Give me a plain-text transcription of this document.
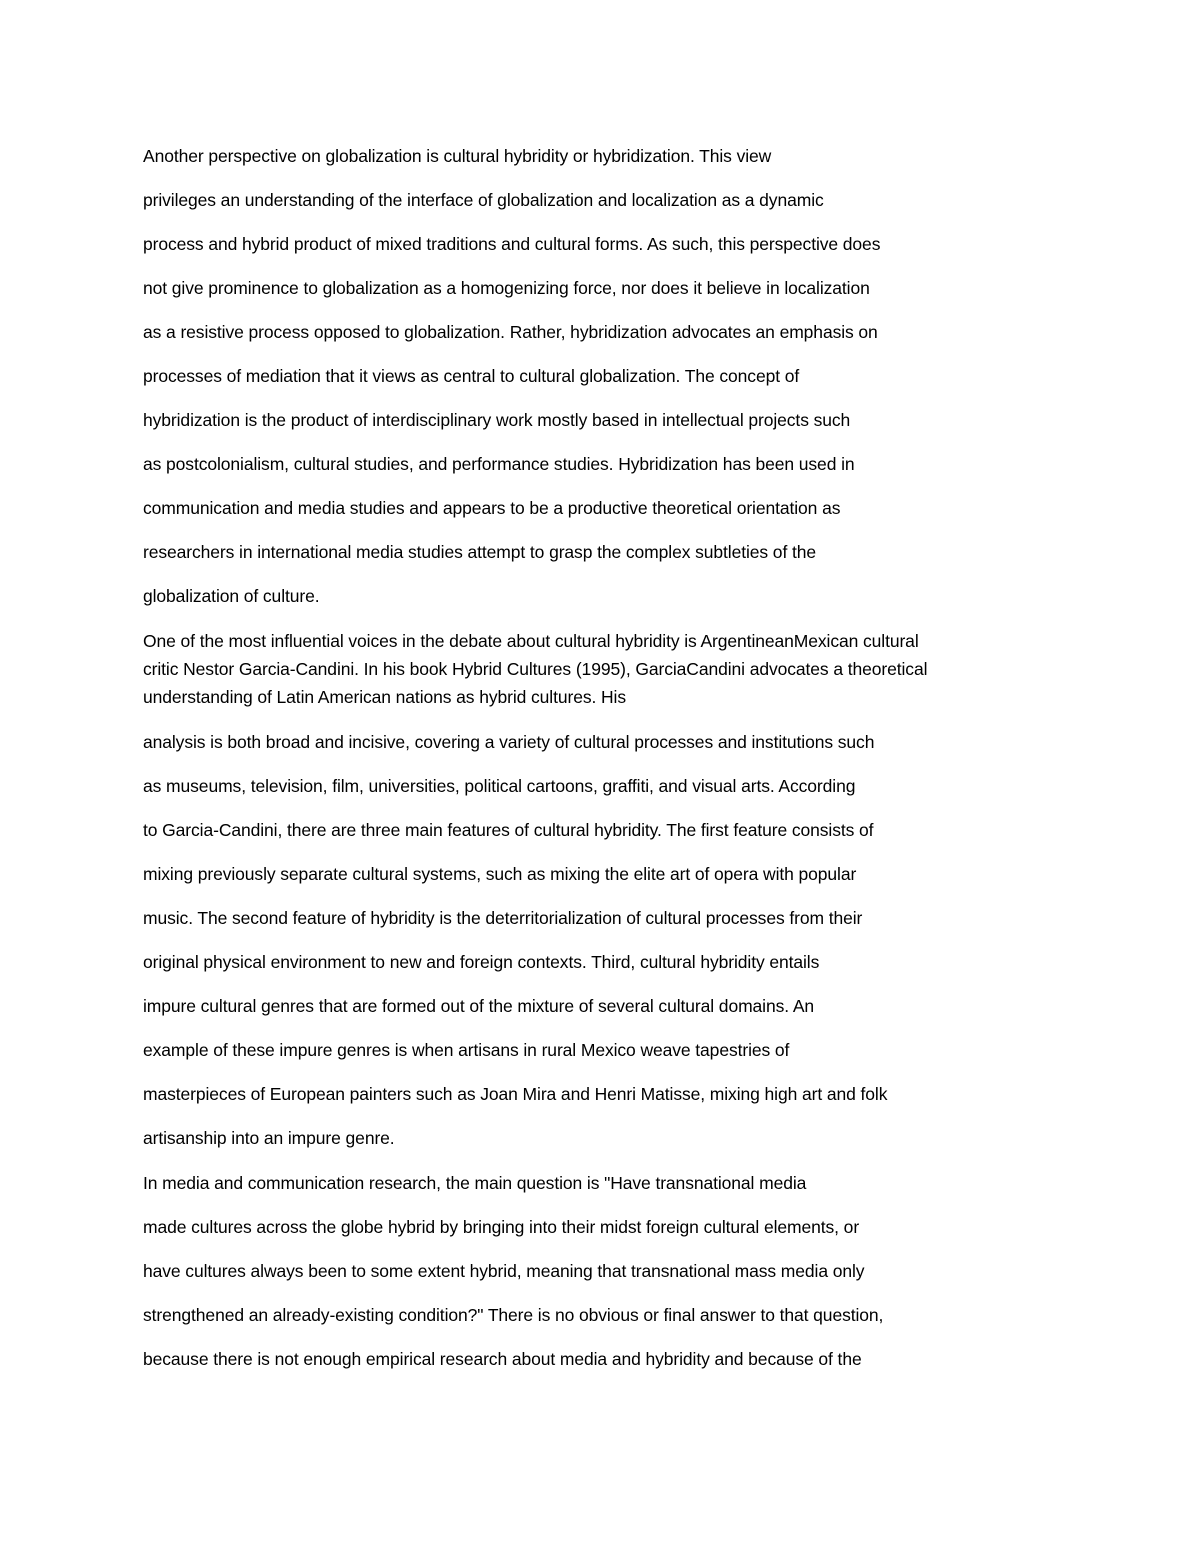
Another perspective on globalization is cultural hybridity or hybridization. This view
privileges an understanding of the interface of globalization and localization as a dynamic
process and hybrid product of mixed traditions and cultural forms. As such, this perspective does
not give prominence to globalization as a homogenizing force, nor does it believe in localization
as a resistive process opposed to globalization. Rather, hybridization advocates an emphasis on
processes of mediation that it views as central to cultural globalization. The concept of
hybridization is the product of interdisciplinary work mostly based in intellectual projects such
as postcolonialism, cultural studies, and performance studies. Hybridization has been used in
communication and media studies and appears to be a productive theoretical orientation as
researchers in international media studies attempt to grasp the complex subtleties of the
globalization of culture.
One of the most influential voices in the debate about cultural hybridity is ArgentineanMexican cultural
critic Nestor Garcia-Candini. In his book Hybrid Cultures (1995), GarciaCandini advocates a theoretical
understanding of Latin American nations as hybrid cultures. His
analysis is both broad and incisive, covering a variety of cultural processes and institutions such
as museums, television, film, universities, political cartoons, graffiti, and visual arts. According
to Garcia-Candini, there are three main features of cultural hybridity. The first feature consists of
mixing previously separate cultural systems, such as mixing the elite art of opera with popular
music. The second feature of hybridity is the deterritorialization of cultural processes from their
original physical environment to new and foreign contexts. Third, cultural hybridity entails
impure cultural genres that are formed out of the mixture of several cultural domains. An
example of these impure genres is when artisans in rural Mexico weave tapestries of
masterpieces of European painters such as Joan Mira and Henri Matisse, mixing high art and folk
artisanship into an impure genre.
In media and communication research, the main question is "Have transnational media
made cultures across the globe hybrid by bringing into their midst foreign cultural elements, or
have cultures always been to some extent hybrid, meaning that transnational mass media only
strengthened an already-existing condition?" There is no obvious or final answer to that question,
because there is not enough empirical research about media and hybridity and because of the
